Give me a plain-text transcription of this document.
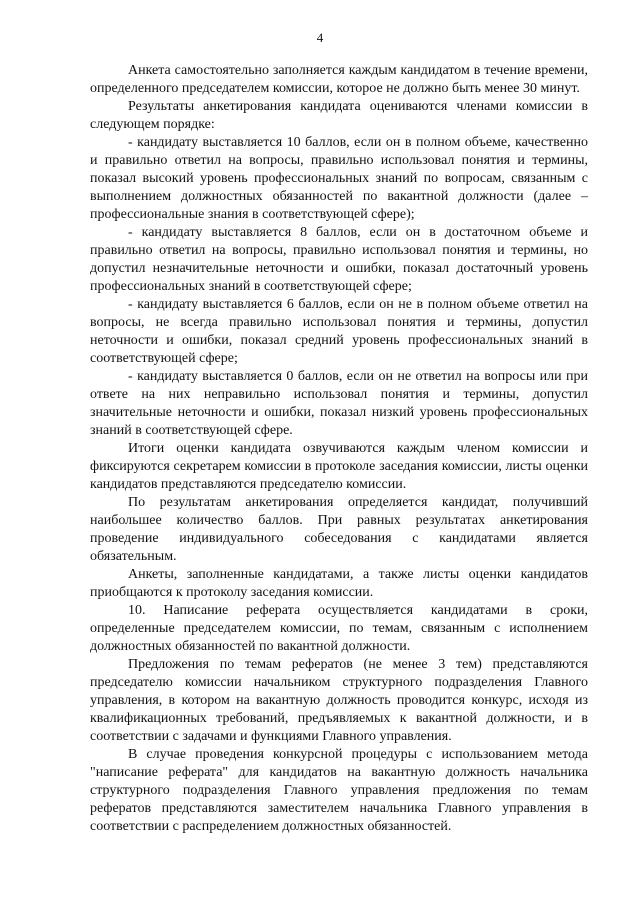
4

Анкета самостоятельно заполняется каждым кандидатом в течение времени, определенного председателем комиссии, которое не должно быть менее 30 минут.

Результаты анкетирования кандидата оцениваются членами комиссии в следующем порядке:

- кандидату выставляется 10 баллов, если он в полном объеме, качественно и правильно ответил на вопросы, правильно использовал понятия и термины, показал высокий уровень профессиональных знаний по вопросам, связанным с выполнением должностных обязанностей по вакантной должности (далее – профессиональные знания в соответствующей сфере);

- кандидату выставляется 8 баллов, если он в достаточном объеме и правильно ответил на вопросы, правильно использовал понятия и термины, но допустил незначительные неточности и ошибки, показал достаточный уровень профессиональных знаний в соответствующей сфере;

- кандидату выставляется 6 баллов, если он не в полном объеме ответил на вопросы, не всегда правильно использовал понятия и термины, допустил неточности и ошибки, показал средний уровень профессиональных знаний в соответствующей сфере;

- кандидату выставляется 0 баллов, если он не ответил на вопросы или при ответе на них неправильно использовал понятия и термины, допустил значительные неточности и ошибки, показал низкий уровень профессиональных знаний в соответствующей сфере.

Итоги оценки кандидата озвучиваются каждым членом комиссии и фиксируются секретарем комиссии в протоколе заседания комиссии, листы оценки кандидатов представляются председателю комиссии.

По результатам анкетирования определяется кандидат, получивший наибольшее количество баллов. При равных результатах анкетирования проведение индивидуального собеседования с кандидатами является обязательным.

Анкеты, заполненные кандидатами, а также листы оценки кандидатов приобщаются к протоколу заседания комиссии.

10. Написание реферата осуществляется кандидатами в сроки, определенные председателем комиссии, по темам, связанным с исполнением должностных обязанностей по вакантной должности.

Предложения по темам рефератов (не менее 3 тем) представляются председателю комиссии начальником структурного подразделения Главного управления, в котором на вакантную должность проводится конкурс, исходя из квалификационных требований, предъявляемых к вакантной должности, и в соответствии с задачами и функциями Главного управления.

В случае проведения конкурсной процедуры с использованием метода "написание реферата" для кандидатов на вакантную должность начальника структурного подразделения Главного управления предложения по темам рефератов представляются заместителем начальника Главного управления в соответствии с распределением должностных обязанностей.
